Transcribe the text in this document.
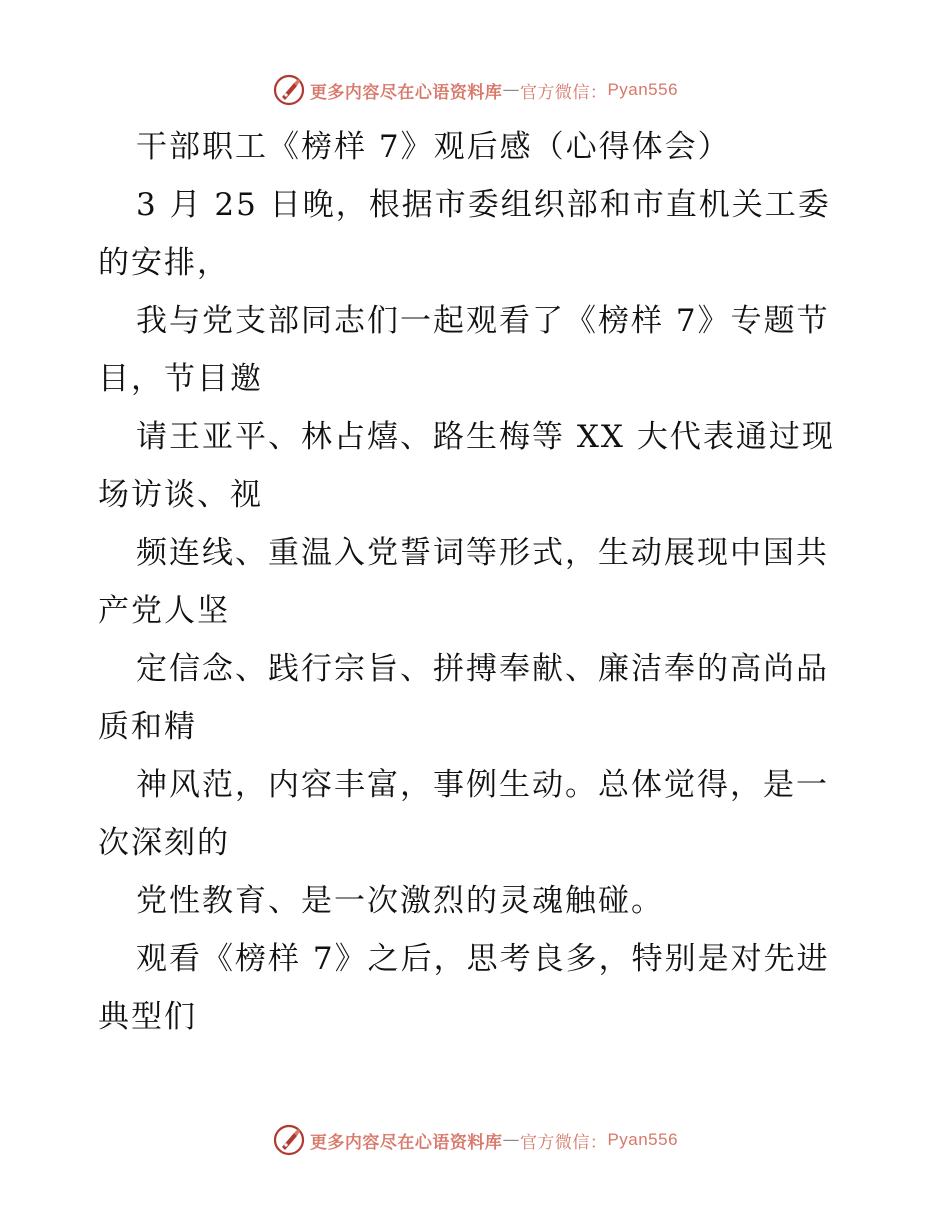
更多内容尽在心语资料库 — 官方微信： Pyan556
干部职工《榜样 7》观后感（心得体会）
3 月 25 日晚，根据市委组织部和市直机关工委
的安排，
我与党支部同志们一起观看了《榜样 7》专题节
目，节目邀
请王亚平、林占熺、路生梅等 XX 大代表通过现
场访谈、视
频连线、重温入党誓词等形式，生动展现中国共
产党人坚
定信念、践行宗旨、拼搏奉献、廉洁奉的高尚品
质和精
神风范，内容丰富，事例生动。总体觉得，是一
次深刻的
党性教育、是一次激烈的灵魂触碰。
观看《榜样 7》之后，思考良多，特别是对先进
典型们
更多内容尽在心语资料库 — 官方微信： Pyan556
